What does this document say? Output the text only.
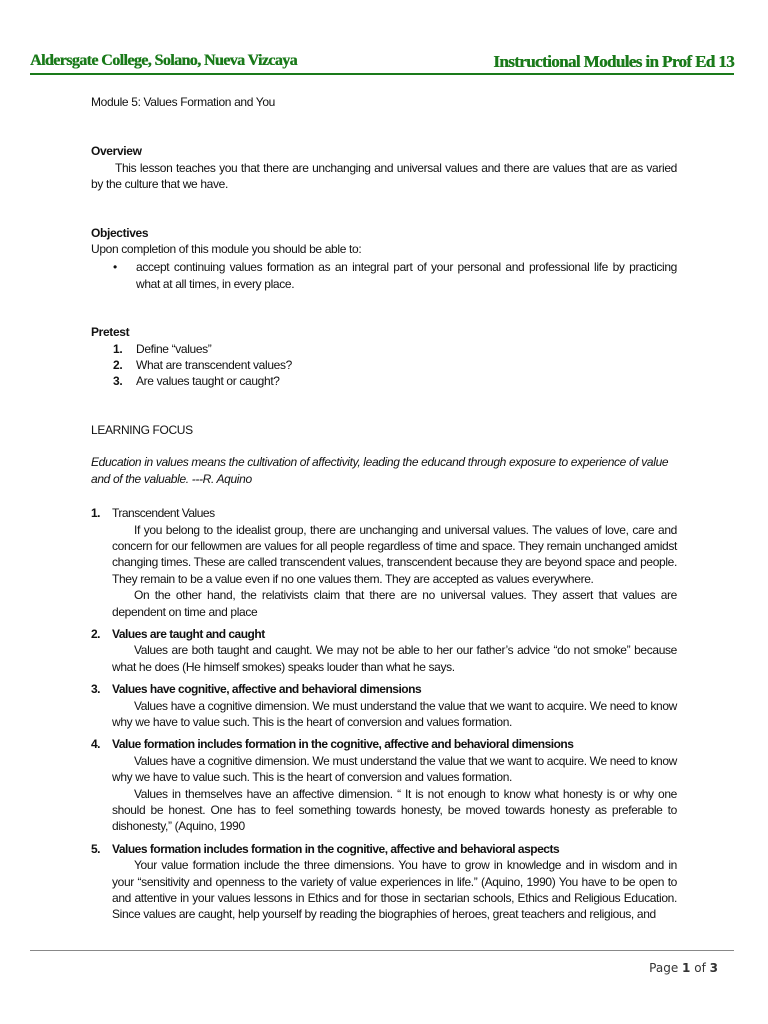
Aldersgate College, Solano, Nueva Vizcaya	Instructional Modules in Prof Ed 13

Module 5: Values Formation and You

Overview

This lesson teaches you that there are unchanging and universal values and there are values that are as varied by the culture that we have.

Objectives

Upon completion of this module you should be able to:

• accept continuing values formation as an integral part of your personal and professional life by practicing what at all times, in every place.
Pretest
1. Define “values”
2. What are transcendent values?
3. Are values taught or caught?
LEARNING FOCUS

Education in values means the cultivation of affectivity, leading the educand through exposure to experience of value and of the valuable. ---R. Aquino

1. Transcendent Values

If you belong to the idealist group, there are unchanging and universal values. The values of love, care and concern for our fellowmen are values for all people regardless of time and space. They remain unchanged amidst changing times. These are called transcendent values, transcendent because they are beyond space and people. They remain to be a value even if no one values them. They are accepted as values everywhere.

On the other hand, the relativists claim that there are no universal values. They assert that values are dependent on time and place

2. Values are taught and caught

Values are both taught and caught. We may not be able to her our father’s advice “do not smoke” because what he does (He himself smokes) speaks louder than what he says.

3. Values have cognitive, affective and behavioral dimensions

Values have a cognitive dimension. We must understand the value that we want to acquire. We need to know why we have to value such. This is the heart of conversion and values formation.

4. Value formation includes formation in the cognitive, affective and behavioral dimensions

Values have a cognitive dimension. We must understand the value that we want to acquire. We need to know why we have to value such. This is the heart of conversion and values formation.

Values in themselves have an affective dimension. “ It is not enough to know what honesty is or why one should be honest. One has to feel something towards honesty, be moved towards honesty as preferable to dishonesty,” (Aquino, 1990

5. Values formation includes formation in the cognitive, affective and behavioral aspects

Your value formation include the three dimensions. You have to grow in knowledge and in wisdom and in your “sensitivity and openness to the variety of value experiences in life.” (Aquino, 1990) You have to be open to and attentive in your values lessons in Ethics and for those in sectarian schools, Ethics and Religious Education. Since values are caught, help yourself by reading the biographies of heroes, great teachers and religious, and

Page 1 of 3
